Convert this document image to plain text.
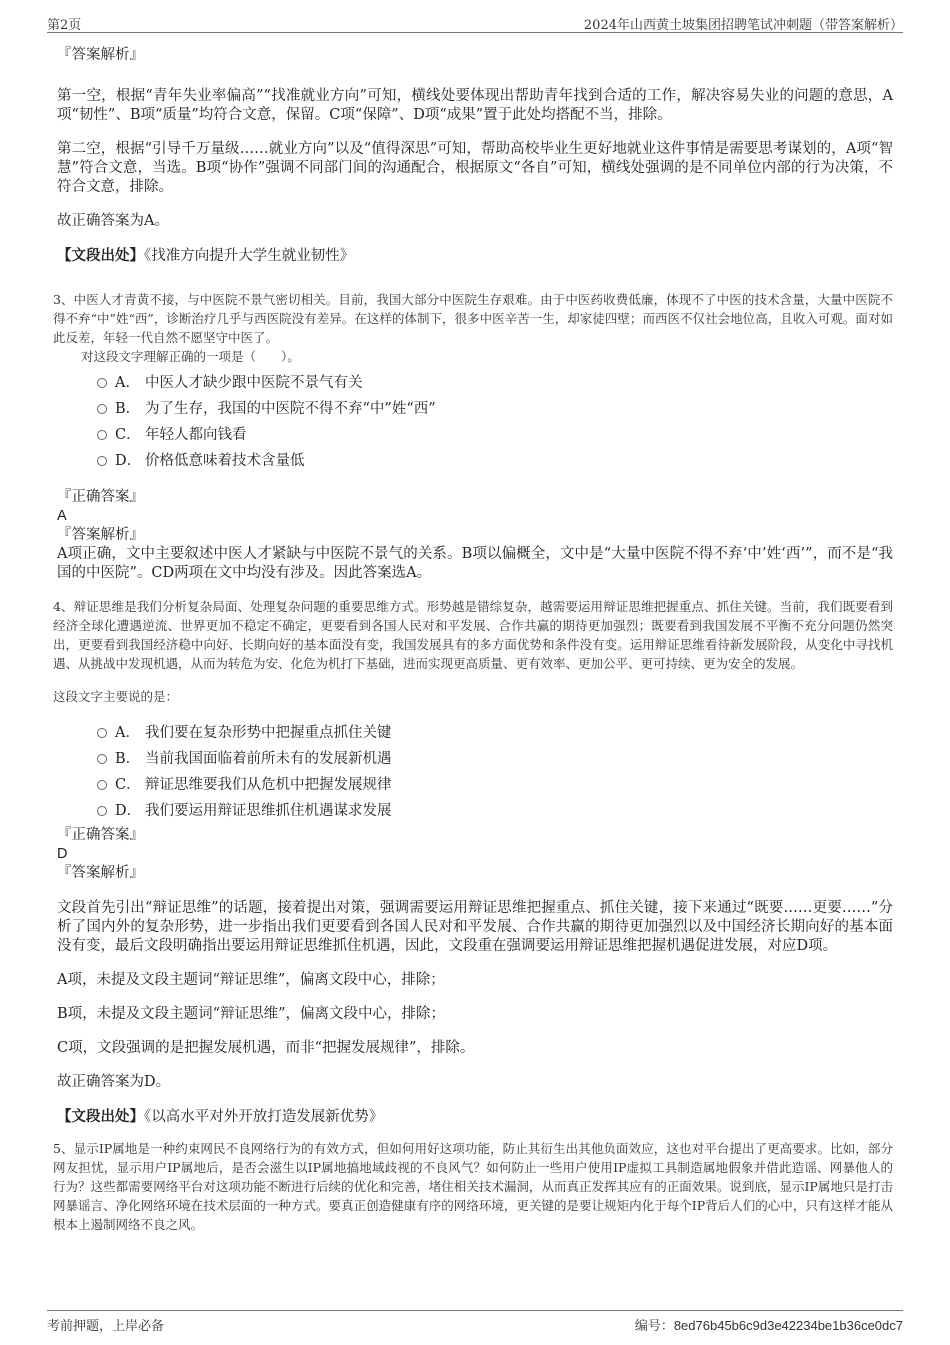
第2页	2024年山西黄土坡集团招聘笔试冲刺题（带答案解析）

『答案解析』

第一空，根据“青年失业率偏高”“找准就业方向”可知，横线处要体现出帮助青年找到合适的工作，解决容易失业的问题的意思，A项“韧性”、B项“质量”均符合文意，保留。C项“保障”、D项“成果”置于此处均搭配不当，排除。

第二空，根据“引导千万量级……就业方向”以及“值得深思”可知，帮助高校毕业生更好地就业这件事情是需要思考谋划的，A项“智慧”符合文意，当选。B项“协作”强调不同部门间的沟通配合，根据原文“各自”可知，横线处强调的是不同单位内部的行为决策，不符合文意，排除。

故正确答案为A。

【文段出处】《找准方向提升大学生就业韧性》

3、中医人才青黄不接，与中医院不景气密切相关。目前，我国大部分中医院生存艰难。由于中医药收费低廉，体现不了中医的技术含量，大量中医院不得不弃“中”姓“西”，诊断治疗几乎与西医院没有差异。在这样的体制下，很多中医辛苦一生，却家徒四壁；而西医不仅社会地位高，且收入可观。面对如此反差，年轻一代自然不愿坚守中医了。

对这段文字理解正确的一项是（　　）。

A． 中医人才缺少跟中医院不景气有关
B． 为了生存，我国的中医院不得不弃“中”姓“西”
C． 年轻人都向钱看
D． 价格低意味着技术含量低

『正确答案』

A

『答案解析』

A项正确，文中主要叙述中医人才紧缺与中医院不景气的关系。B项以偏概全，文中是“大量中医院不得不弃‘中’姓‘西’”，而不是“我国的中医院”。CD两项在文中均没有涉及。因此答案选A。

4、辩证思维是我们分析复杂局面、处理复杂问题的重要思维方式。形势越是错综复杂，越需要运用辩证思维把握重点、抓住关键。当前，我们既要看到经济全球化遭遇逆流、世界更加不稳定不确定，更要看到各国人民对和平发展、合作共赢的期待更加强烈；既要看到我国发展不平衡不充分问题仍然突出，更要看到我国经济稳中向好、长期向好的基本面没有变，我国发展具有的多方面优势和条件没有变。运用辩证思维看待新发展阶段，从变化中寻找机遇、从挑战中发现机遇，从而为转危为安、化危为机打下基础，进而实现更高质量、更有效率、更加公平、更可持续、更为安全的发展。

这段文字主要说的是：

A． 我们要在复杂形势中把握重点抓住关键
B． 当前我国面临着前所未有的发展新机遇
C． 辩证思维要我们从危机中把握发展规律
D． 我们要运用辩证思维抓住机遇谋求发展

『正确答案』

D

『答案解析』

文段首先引出“辩证思维”的话题，接着提出对策，强调需要运用辩证思维把握重点、抓住关键，接下来通过“既要……更要……”分析了国内外的复杂形势，进一步指出我们更要看到各国人民对和平发展、合作共赢的期待更加强烈以及中国经济长期向好的基本面没有变，最后文段明确指出要运用辩证思维抓住机遇，因此，文段重在强调要运用辩证思维把握机遇促进发展，对应D项。

A项，未提及文段主题词“辩证思维”，偏离文段中心，排除；

B项，未提及文段主题词“辩证思维”，偏离文段中心，排除；

C项，文段强调的是把握发展机遇，而非“把握发展规律”，排除。

故正确答案为D。

【文段出处】《以高水平对外开放打造发展新优势》

5、显示IP属地是一种约束网民不良网络行为的有效方式，但如何用好这项功能，防止其衍生出其他负面效应，这也对平台提出了更高要求。比如，部分网友担忧，显示用户IP属地后，是否会滋生以IP属地搞地域歧视的不良风气？如何防止一些用户使用IP虚拟工具制造属地假象并借此造谣、网暴他人的行为？这些都需要网络平台对这项功能不断进行后续的优化和完善，堵住相关技术漏洞，从而真正发挥其应有的正面效果。说到底，显示IP属地只是打击网暴谣言、净化网络环境在技术层面的一种方式。要真正创造健康有序的网络环境，更关键的是要让规矩内化于每个IP背后人们的心中，只有这样才能从根本上遏制网络不良之风。

考前押题，上岸必备	编号：8ed76b45b6c9d3e42234be1b36ce0dc7
